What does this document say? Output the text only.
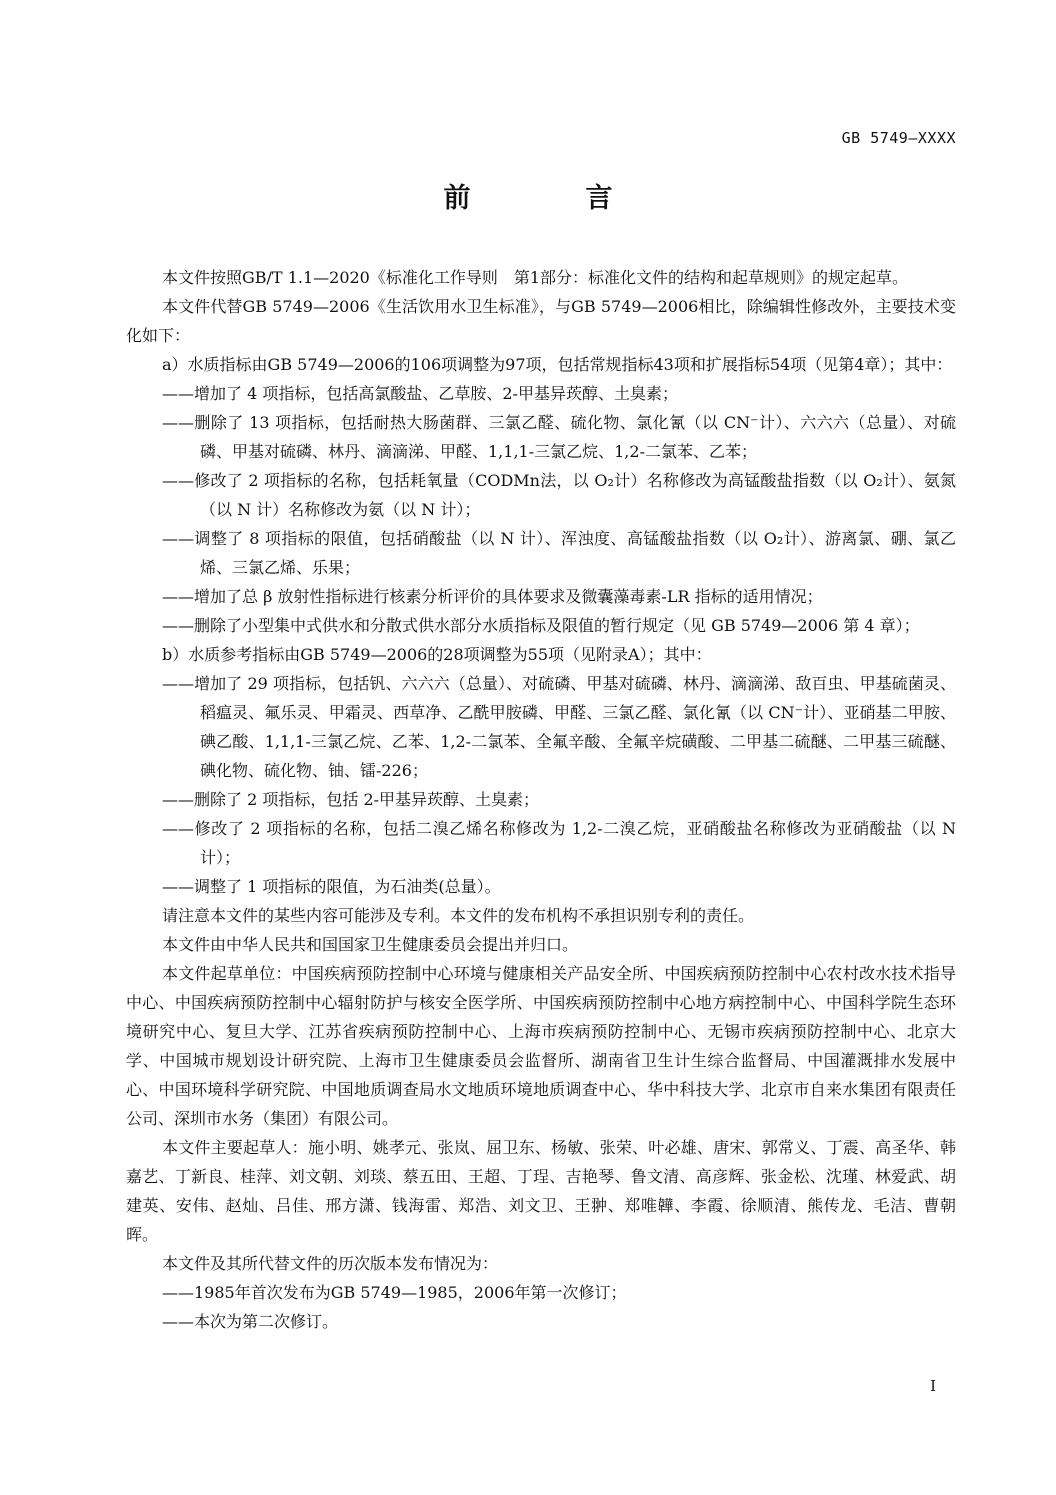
GB 5749—XXXX
前　言

本文件按照GB/T 1.1—2020《标准化工作导则　第1部分：标准化文件的结构和起草规则》的规定起草。

本文件代替GB 5749—2006《生活饮用水卫生标准》，与GB 5749—2006相比，除编辑性修改外，主要技术变化如下：

a）水质指标由GB 5749—2006的106项调整为97项，包括常规指标43项和扩展指标54项（见第4章）；其中：

——增加了 4 项指标，包括高氯酸盐、乙草胺、2-甲基异莰醇、土臭素；

——删除了 13 项指标，包括耐热大肠菌群、三氯乙醛、硫化物、氯化氰（以 CN⁻计）、六六六（总量）、对硫磷、甲基对硫磷、林丹、滴滴涕、甲醛、1,1,1-三氯乙烷、1,2-二氯苯、乙苯；

——修改了 2 项指标的名称，包括耗氧量（CODMn法，以 O₂计）名称修改为高锰酸盐指数（以 O₂计）、氨氮（以 N 计）名称修改为氨（以 N 计）；

——调整了 8 项指标的限值，包括硝酸盐（以 N 计）、浑浊度、高锰酸盐指数（以 O₂计）、游离氯、硼、氯乙烯、三氯乙烯、乐果；

——增加了总 β 放射性指标进行核素分析评价的具体要求及微囊藻毒素-LR 指标的适用情况；

——删除了小型集中式供水和分散式供水部分水质指标及限值的暂行规定（见 GB 5749—2006 第 4 章）；

b）水质参考指标由GB 5749—2006的28项调整为55项（见附录A）；其中：

——增加了 29 项指标，包括钒、六六六（总量）、对硫磷、甲基对硫磷、林丹、滴滴涕、敌百虫、甲基硫菌灵、稻瘟灵、氟乐灵、甲霜灵、西草净、乙酰甲胺磷、甲醛、三氯乙醛、氯化氰（以 CN⁻计）、亚硝基二甲胺、碘乙酸、1,1,1-三氯乙烷、乙苯、1,2-二氯苯、全氟辛酸、全氟辛烷磺酸、二甲基二硫醚、二甲基三硫醚、碘化物、硫化物、铀、镭-226；

——删除了 2 项指标，包括 2-甲基异莰醇、土臭素；

——修改了 2 项指标的名称，包括二溴乙烯名称修改为 1,2-二溴乙烷，亚硝酸盐名称修改为亚硝酸盐（以 N 计）；

——调整了 1 项指标的限值，为石油类(总量）。

请注意本文件的某些内容可能涉及专利。本文件的发布机构不承担识别专利的责任。

本文件由中华人民共和国国家卫生健康委员会提出并归口。

本文件起草单位：中国疾病预防控制中心环境与健康相关产品安全所、中国疾病预防控制中心农村改水技术指导中心、中国疾病预防控制中心辐射防护与核安全医学所、中国疾病预防控制中心地方病控制中心、中国科学院生态环境研究中心、复旦大学、江苏省疾病预防控制中心、上海市疾病预防控制中心、无锡市疾病预防控制中心、北京大学、中国城市规划设计研究院、上海市卫生健康委员会监督所、湖南省卫生计生综合监督局、中国灌溉排水发展中心、中国环境科学研究院、中国地质调查局水文地质环境地质调查中心、华中科技大学、北京市自来水集团有限责任公司、深圳市水务（集团）有限公司。

本文件主要起草人：施小明、姚孝元、张岚、屈卫东、杨敏、张荣、叶必雄、唐宋、郭常义、丁震、高圣华、韩嘉艺、丁新良、桂萍、刘文朝、刘琰、蔡五田、王超、丁珵、吉艳琴、鲁文清、高彦辉、张金松、沈瑾、林爱武、胡建英、安伟、赵灿、吕佳、邢方潇、钱海雷、郑浩、刘文卫、王翀、郑唯韡、李霞、徐顺清、熊传龙、毛洁、曹朝晖。

本文件及其所代替文件的历次版本发布情况为：

——1985年首次发布为GB 5749—1985，2006年第一次修订；

——本次为第二次修订。

I
